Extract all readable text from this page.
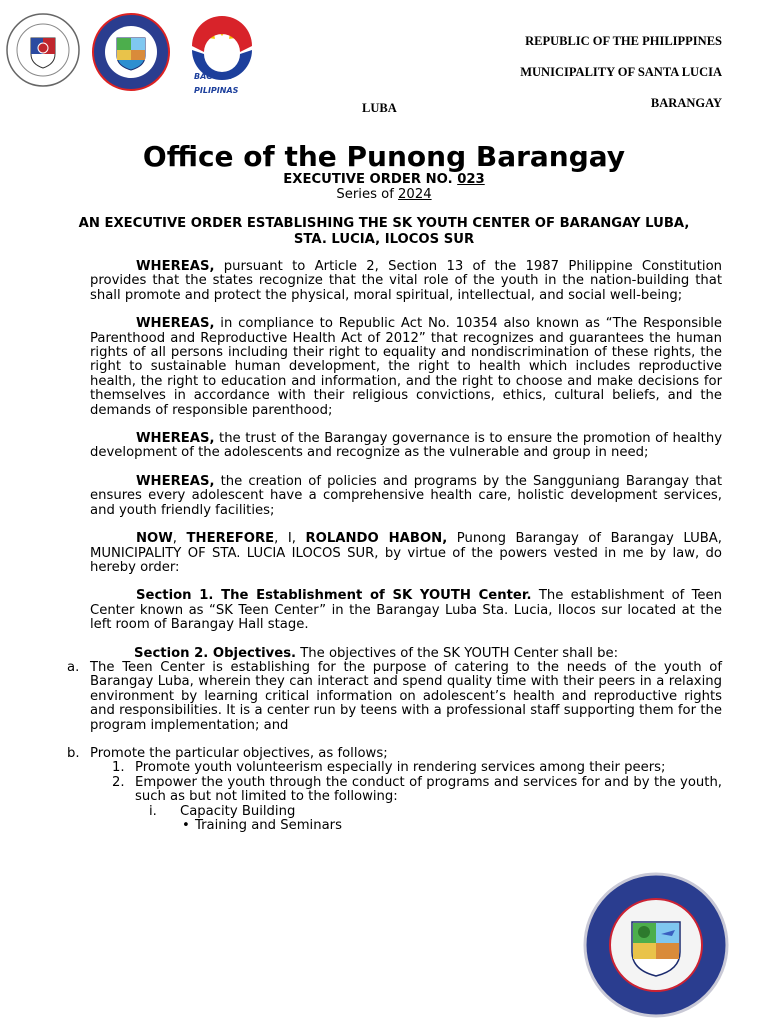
BAGONG PILIPINAS
REPUBLIC OF THE PHILIPPINES
MUNICIPALITY OF SANTA LUCIA
BARANGAY
LUBA
Office of the Punong Barangay
EXECUTIVE ORDER NO. 023
Series of 2024
AN EXECUTIVE ORDER ESTABLISHING THE SK YOUTH CENTER OF BARANGAY LUBA, STA. LUCIA, ILOCOS SUR

WHEREAS, pursuant to Article 2, Section 13 of the 1987 Philippine Constitution provides that the states recognize that the vital role of the youth in the nation-building that shall promote and protect the physical, moral spiritual, intellectual, and social well-being;

WHEREAS, in compliance to Republic Act No. 10354 also known as “The Responsible Parenthood and Reproductive Health Act of 2012” that recognizes and guarantees the human rights of all persons including their right to equality and nondiscrimination of these rights, the right to sustainable human development, the right to health which includes reproductive health, the right to education and information, and the right to choose and make decisions for themselves in accordance with their religious convictions, ethics, cultural beliefs, and the demands of responsible parenthood;

WHEREAS, the trust of the Barangay governance is to ensure the promotion of healthy development of the adolescents and recognize as the vulnerable and group in need;

WHEREAS, the creation of policies and programs by the Sangguniang Barangay that ensures every adolescent have a comprehensive health care, holistic development services, and youth friendly facilities;

NOW, THEREFORE, I, ROLANDO HABON, Punong Barangay of Barangay LUBA, MUNICIPALITY OF STA. LUCIA ILOCOS SUR, by virtue of the powers vested in me by law, do hereby order:

Section 1. The Establishment of SK YOUTH Center. The establishment of Teen Center known as “SK Teen Center” in the Barangay Luba Sta. Lucia, Ilocos sur located at the left room of Barangay Hall stage.

Section 2. Objectives. The objectives of the SK YOUTH Center shall be:

a. The Teen Center is establishing for the purpose of catering to the needs of the youth of Barangay Luba, wherein they can interact and spend quality time with their peers in a relaxing environment by learning critical information on adolescent’s health and reproductive rights and responsibilities. It is a center run by teens with a professional staff supporting them for the program implementation; and
b. Promote the particular objectives, as follows;
1. Promote youth volunteerism especially in rendering services among their peers;
2. Empower the youth through the conduct of programs and services for and by the youth, such as but not limited to the following:
i. Capacity Building
• Training and Seminars
